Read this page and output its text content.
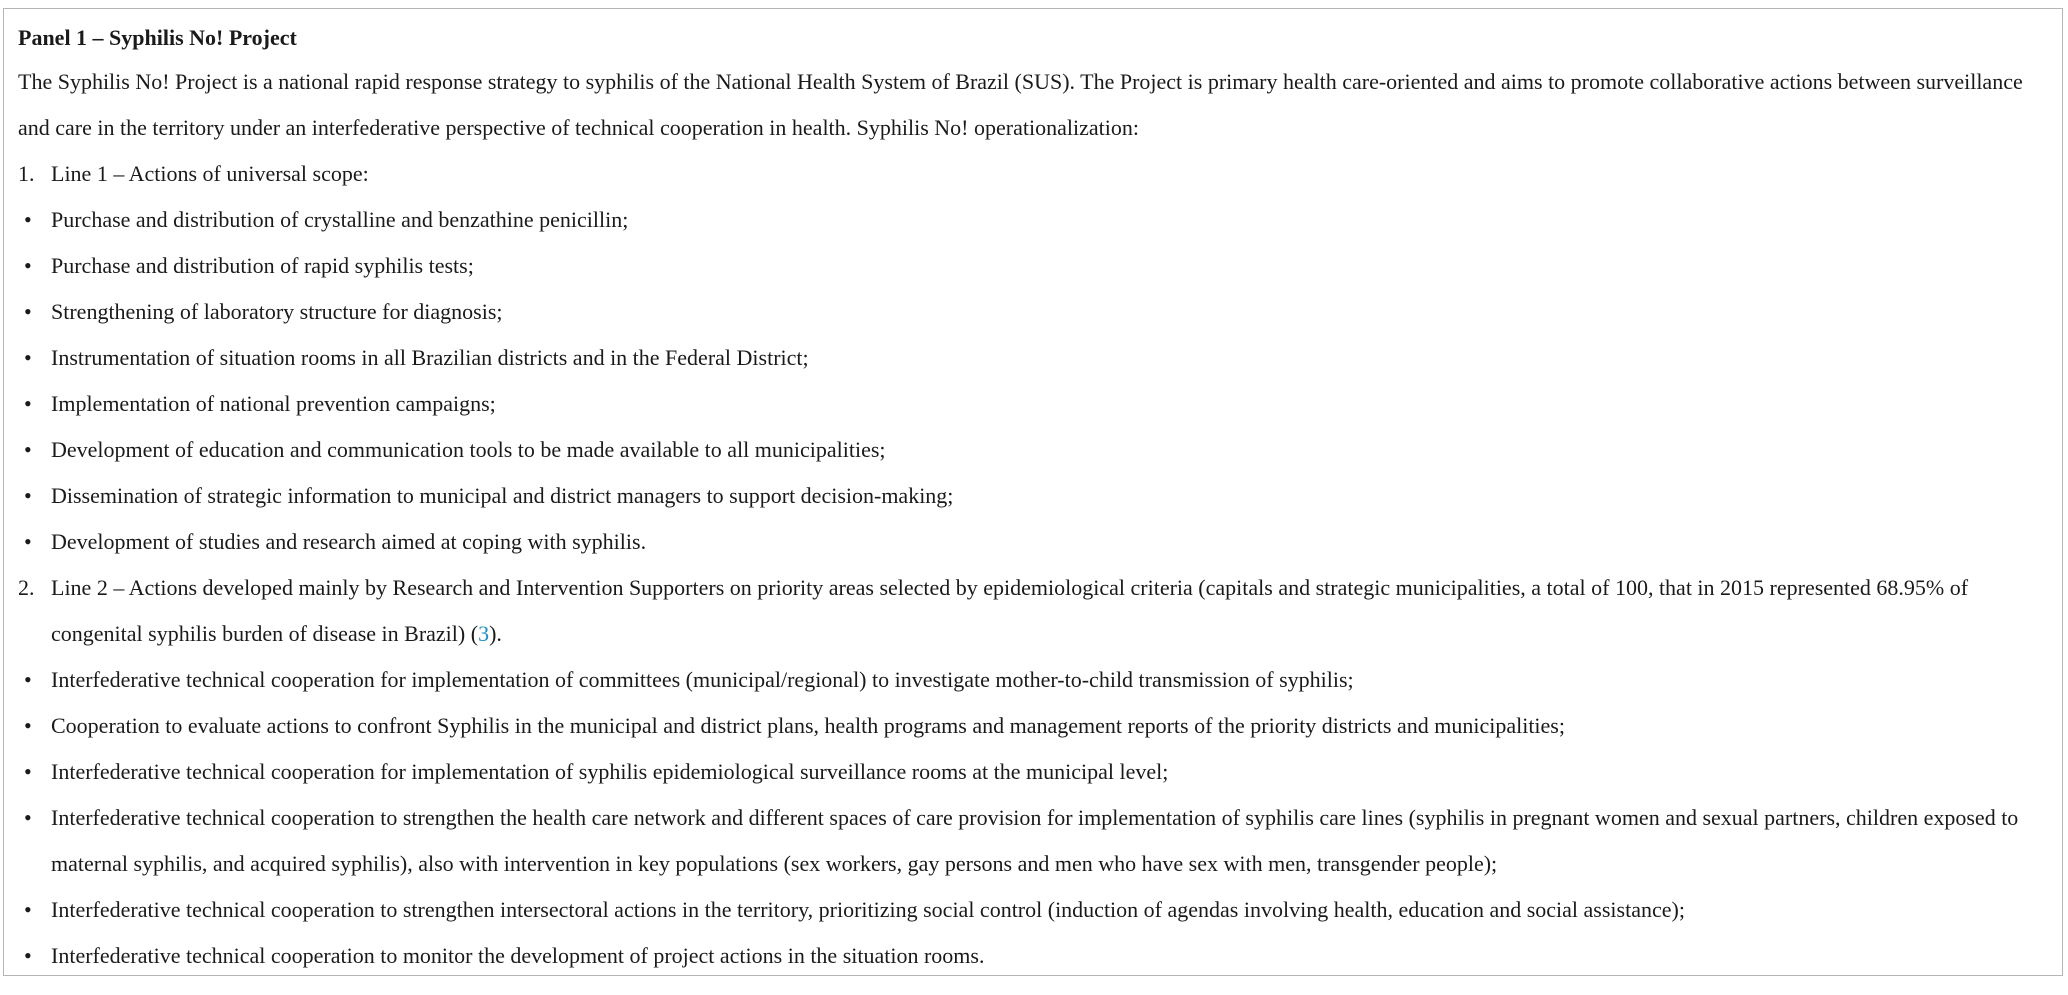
Panel 1 – Syphilis No! Project

The Syphilis No! Project is a national rapid response strategy to syphilis of the National Health System of Brazil (SUS). The Project is primary health care-oriented and aims to promote collaborative actions between surveillance and care in the territory under an interfederative perspective of technical cooperation in health. Syphilis No! operationalization:

1. Line 1 – Actions of universal scope:
• Purchase and distribution of crystalline and benzathine penicillin;
• Purchase and distribution of rapid syphilis tests;
• Strengthening of laboratory structure for diagnosis;
• Instrumentation of situation rooms in all Brazilian districts and in the Federal District;
• Implementation of national prevention campaigns;
• Development of education and communication tools to be made available to all municipalities;
• Dissemination of strategic information to municipal and district managers to support decision-making;
• Development of studies and research aimed at coping with syphilis.
2. Line 2 – Actions developed mainly by Research and Intervention Supporters on priority areas selected by epidemiological criteria (capitals and strategic municipalities, a total of 100, that in 2015 represented 68.95% of congenital syphilis burden of disease in Brazil) (3).
• Interfederative technical cooperation for implementation of committees (municipal/regional) to investigate mother-to-child transmission of syphilis;
• Cooperation to evaluate actions to confront Syphilis in the municipal and district plans, health programs and management reports of the priority districts and municipalities;
• Interfederative technical cooperation for implementation of syphilis epidemiological surveillance rooms at the municipal level;
• Interfederative technical cooperation to strengthen the health care network and different spaces of care provision for implementation of syphilis care lines (syphilis in pregnant women and sexual partners, children exposed to maternal syphilis, and acquired syphilis), also with intervention in key populations (sex workers, gay persons and men who have sex with men, transgender people);
• Interfederative technical cooperation to strengthen intersectoral actions in the territory, prioritizing social control (induction of agendas involving health, education and social assistance);
• Interfederative technical cooperation to monitor the development of project actions in the situation rooms.
